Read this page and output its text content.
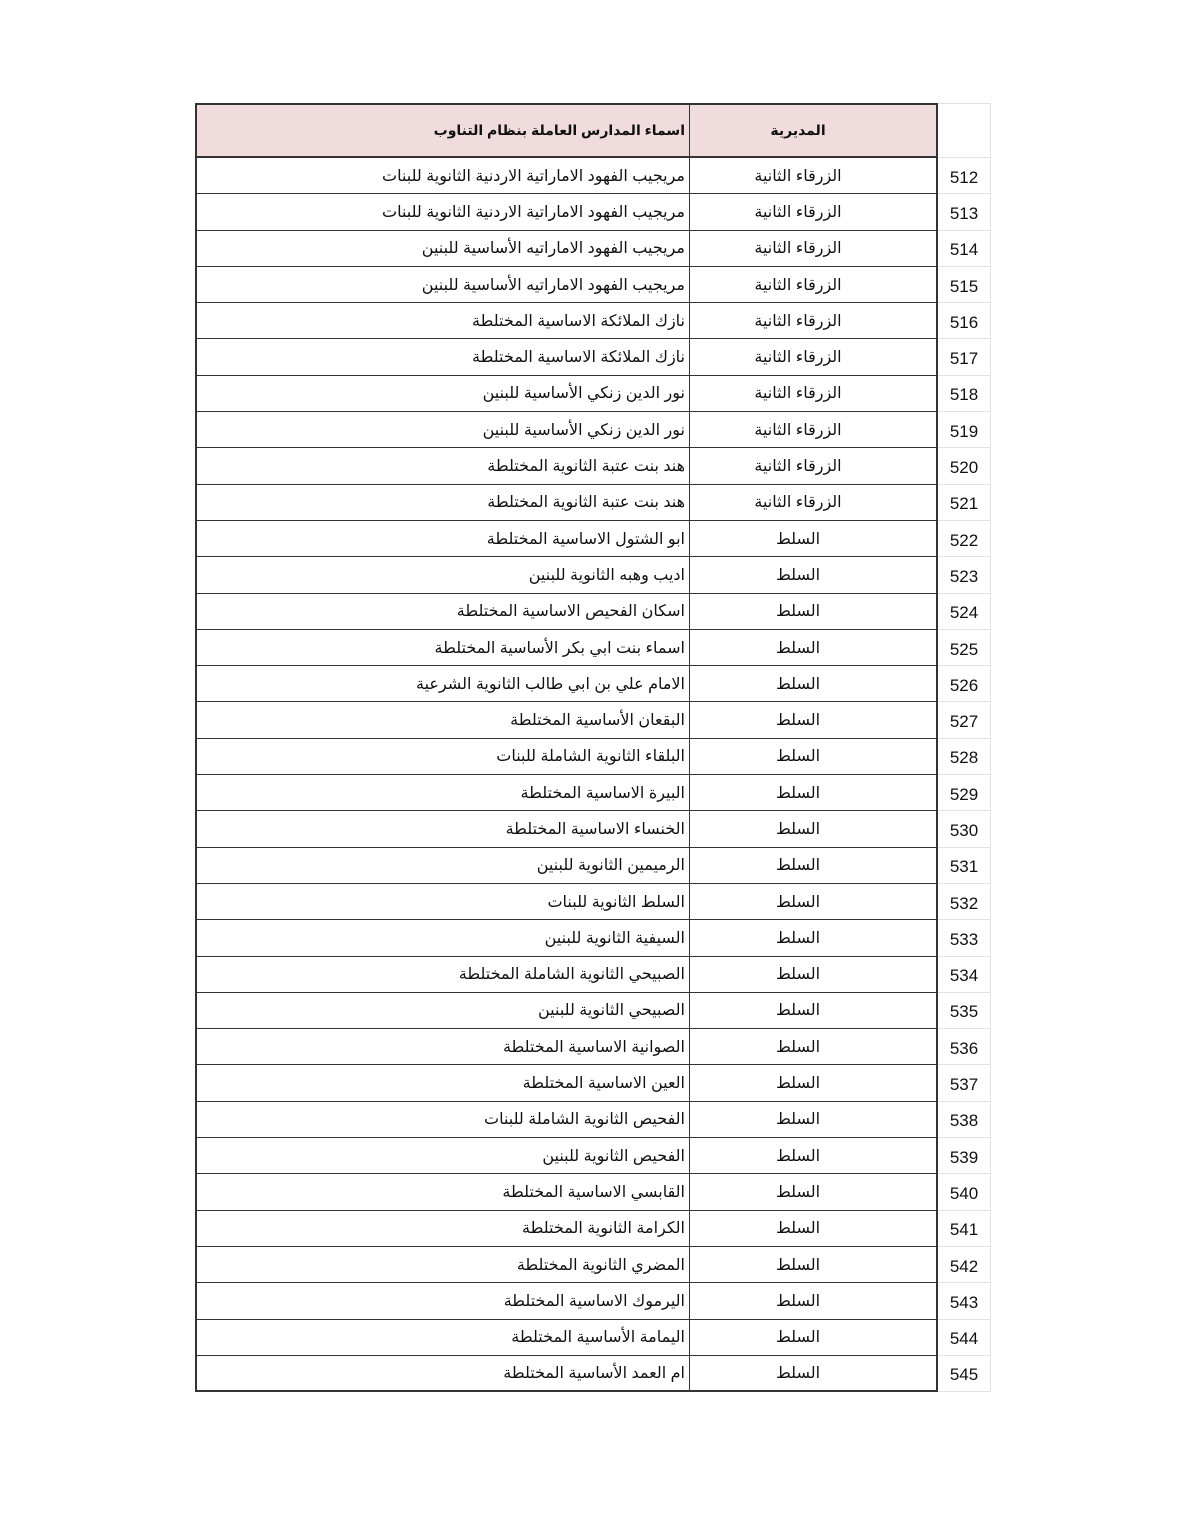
اسماء المدارس العاملة بنظام التناوب	المديرية
مريجيب الفهود الاماراتية الاردنية الثانوية للبنات	الزرقاء الثانية	512
مريجيب الفهود الاماراتية الاردنية الثانوية للبنات	الزرقاء الثانية	513
مريجيب الفهود الاماراتيه الأساسية للبنين	الزرقاء الثانية	514
مريجيب الفهود الاماراتيه الأساسية للبنين	الزرقاء الثانية	515
نازك الملائكة الاساسية المختلطة	الزرقاء الثانية	516
نازك الملائكة الاساسية المختلطة	الزرقاء الثانية	517
نور الدين زنكي الأساسية للبنين	الزرقاء الثانية	518
نور الدين زنكي الأساسية للبنين	الزرقاء الثانية	519
هند بنت عتبة الثانوية المختلطة	الزرقاء الثانية	520
هند بنت عتبة الثانوية المختلطة	الزرقاء الثانية	521
ابو الشتول الاساسية المختلطة	السلط	522
اديب وهبه الثانوية للبنين	السلط	523
اسكان الفحيص الاساسية المختلطة	السلط	524
اسماء بنت ابي بكر الأساسية المختلطة	السلط	525
الامام علي بن ابي طالب الثانوية الشرعية	السلط	526
البقعان الأساسية المختلطة	السلط	527
البلقاء الثانوية الشاملة للبنات	السلط	528
البيرة الاساسية المختلطة	السلط	529
الخنساء الاساسية المختلطة	السلط	530
الرميمين الثانوية للبنين	السلط	531
السلط الثانوية للبنات	السلط	532
السيفية الثانوية للبنين	السلط	533
الصبيحي الثانوية الشاملة المختلطة	السلط	534
الصبيحي الثانوية للبنين	السلط	535
الصوانية الاساسية المختلطة	السلط	536
العين الاساسية المختلطة	السلط	537
الفحيص الثانوية الشاملة للبنات	السلط	538
الفحيص الثانوية للبنين	السلط	539
القابسي الاساسية المختلطة	السلط	540
الكرامة الثانوية المختلطة	السلط	541
المضري الثانوية المختلطة	السلط	542
اليرموك الاساسية المختلطة	السلط	543
اليمامة الأساسية المختلطة	السلط	544
ام العمد الأساسية المختلطة	السلط	545
